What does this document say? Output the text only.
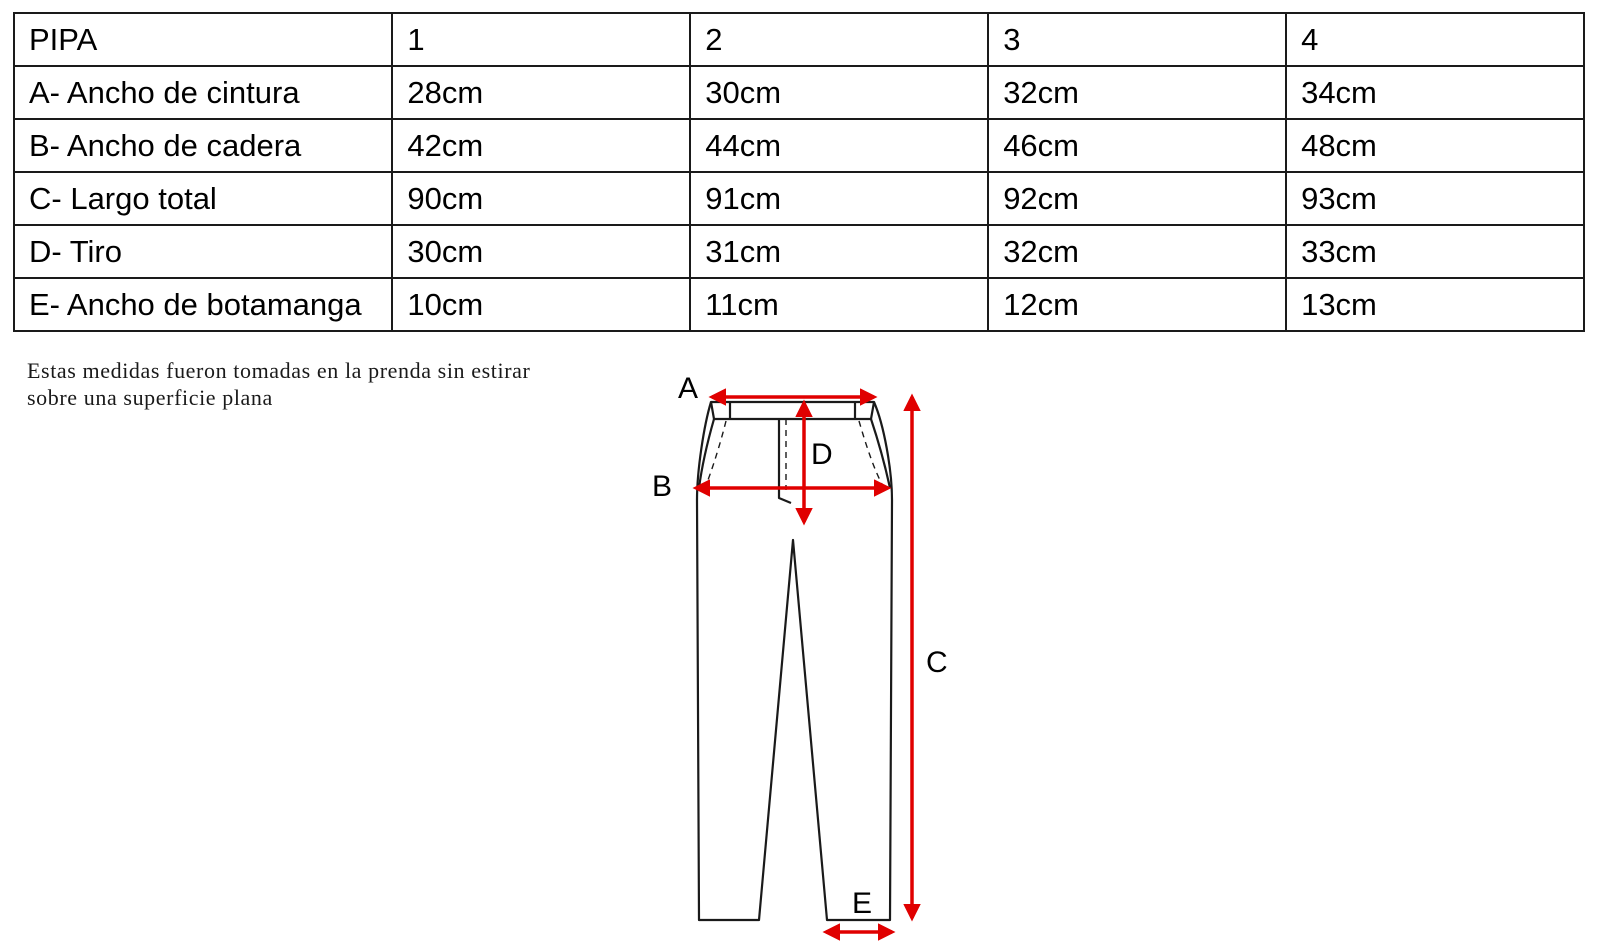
PIPA	1	2	3	4
A- Ancho de cintura	28cm	30cm	32cm	34cm
B- Ancho de cadera	42cm	44cm	46cm	48cm
C- Largo total	90cm	91cm	92cm	93cm
D- Tiro	30cm	31cm	32cm	33cm
E- Ancho de botamanga	10cm	11cm	12cm	13cm
Estas medidas fueron tomadas en la prenda sin estirar
sobre una superficie plana	A
B
C
D
E
